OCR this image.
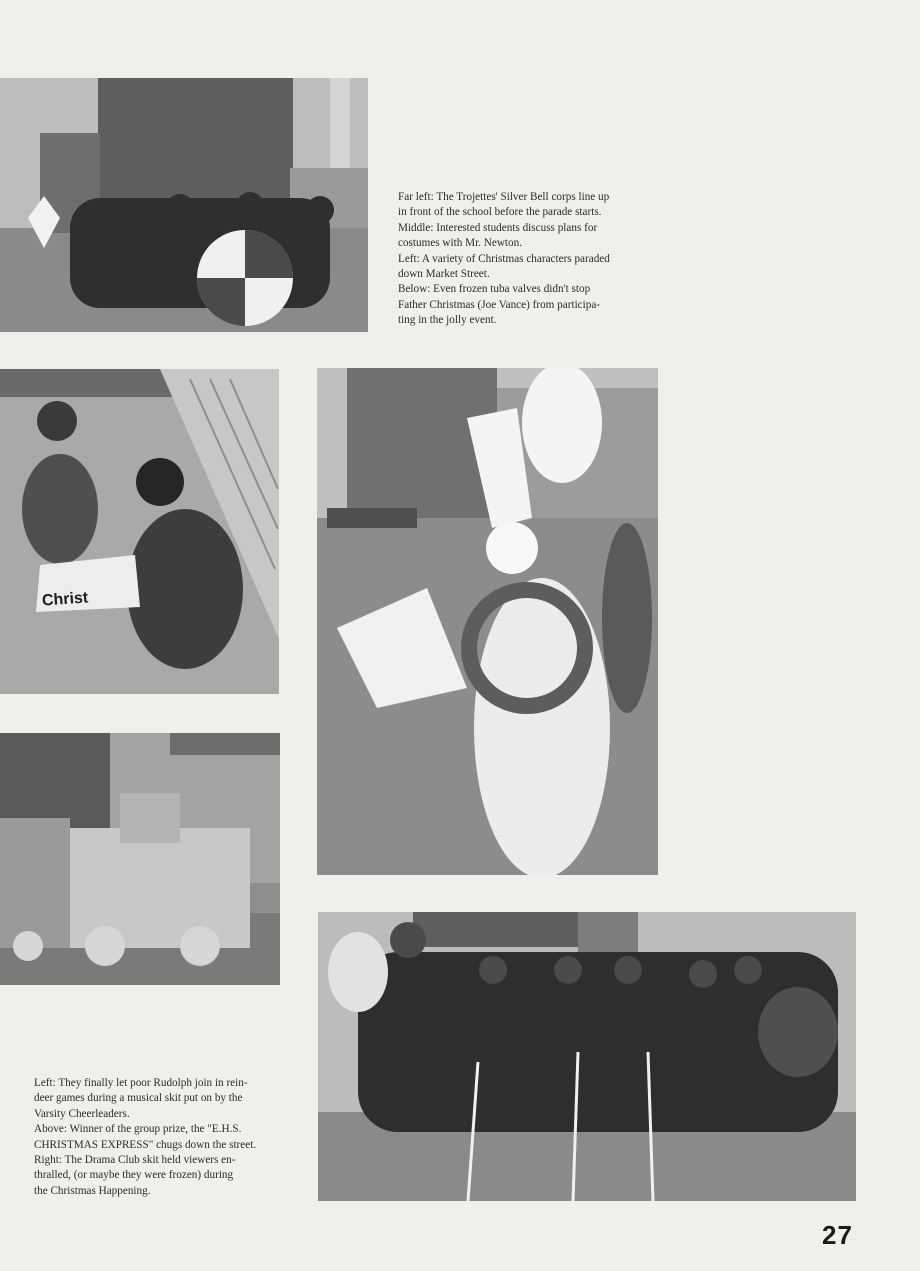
Christ

Far left: The Trojettes' Silver Bell corps line up

in front of the school before the parade starts.

Middle: Interested students discuss plans for

costumes with Mr. Newton.

Left: A variety of Christmas characters paraded

down Market Street.

Below: Even frozen tuba valves didn't stop

Father Christmas (Joe Vance) from participa-

ting in the jolly event.

Left: They finally let poor Rudolph join in rein-

deer games during a musical skit put on by the

Varsity Cheerleaders.

Above: Winner of the group prize, the "E.H.S.

CHRISTMAS EXPRESS" chugs down the street.

Right: The Drama Club skit held viewers en-

thralled, (or maybe they were frozen) during

the Christmas Happening.

27
